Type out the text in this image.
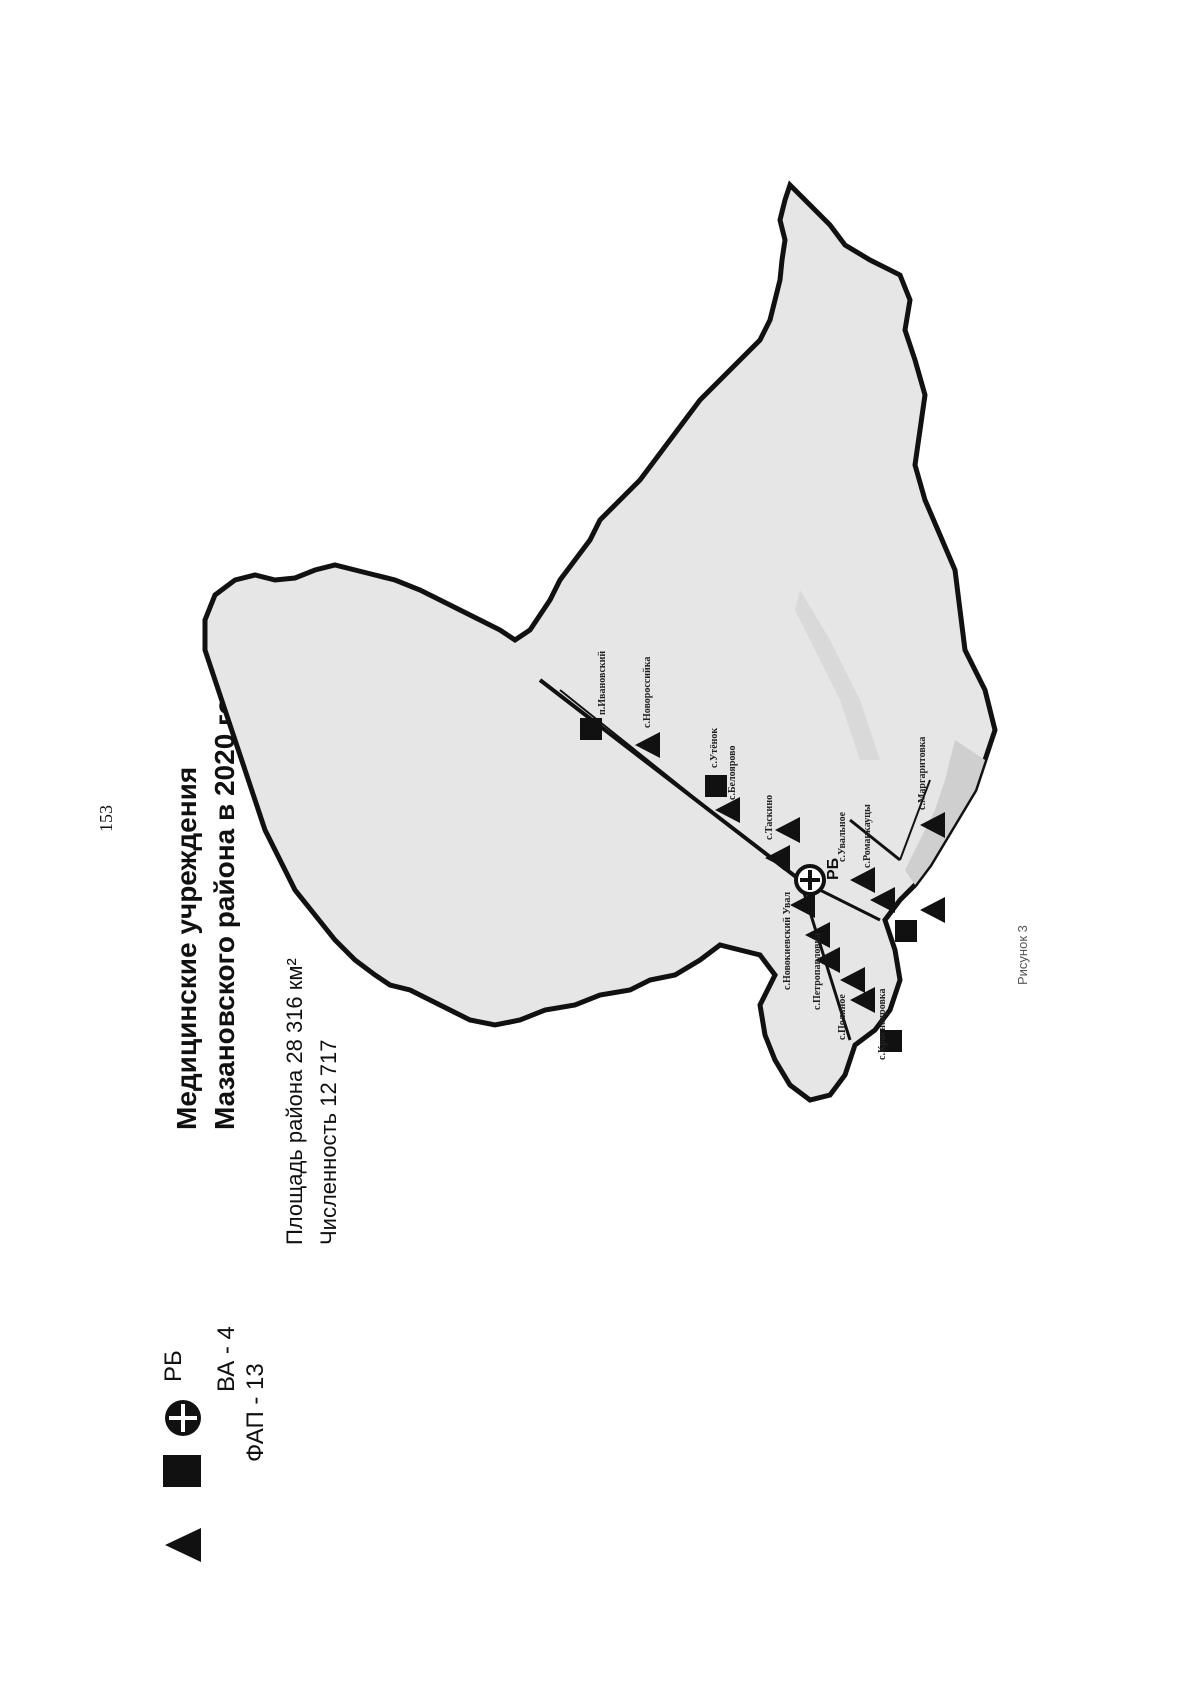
153 Медицинские учреждения Мазановского района в 2020 году Площадь района 28 316 км² Численность 12 717
РБ ВА - 4
ФАП - 13
РБ
п.Ивановский	с.Новороссийка
с.Утёнок с.Белоярово
с.Таскино
с.Маргаритовка
с.Увальное с.Романкауцы
с.Новокиевский Увал с.Петропавловка
с.Поляное	с.Краснояровка
Рисунок 3
